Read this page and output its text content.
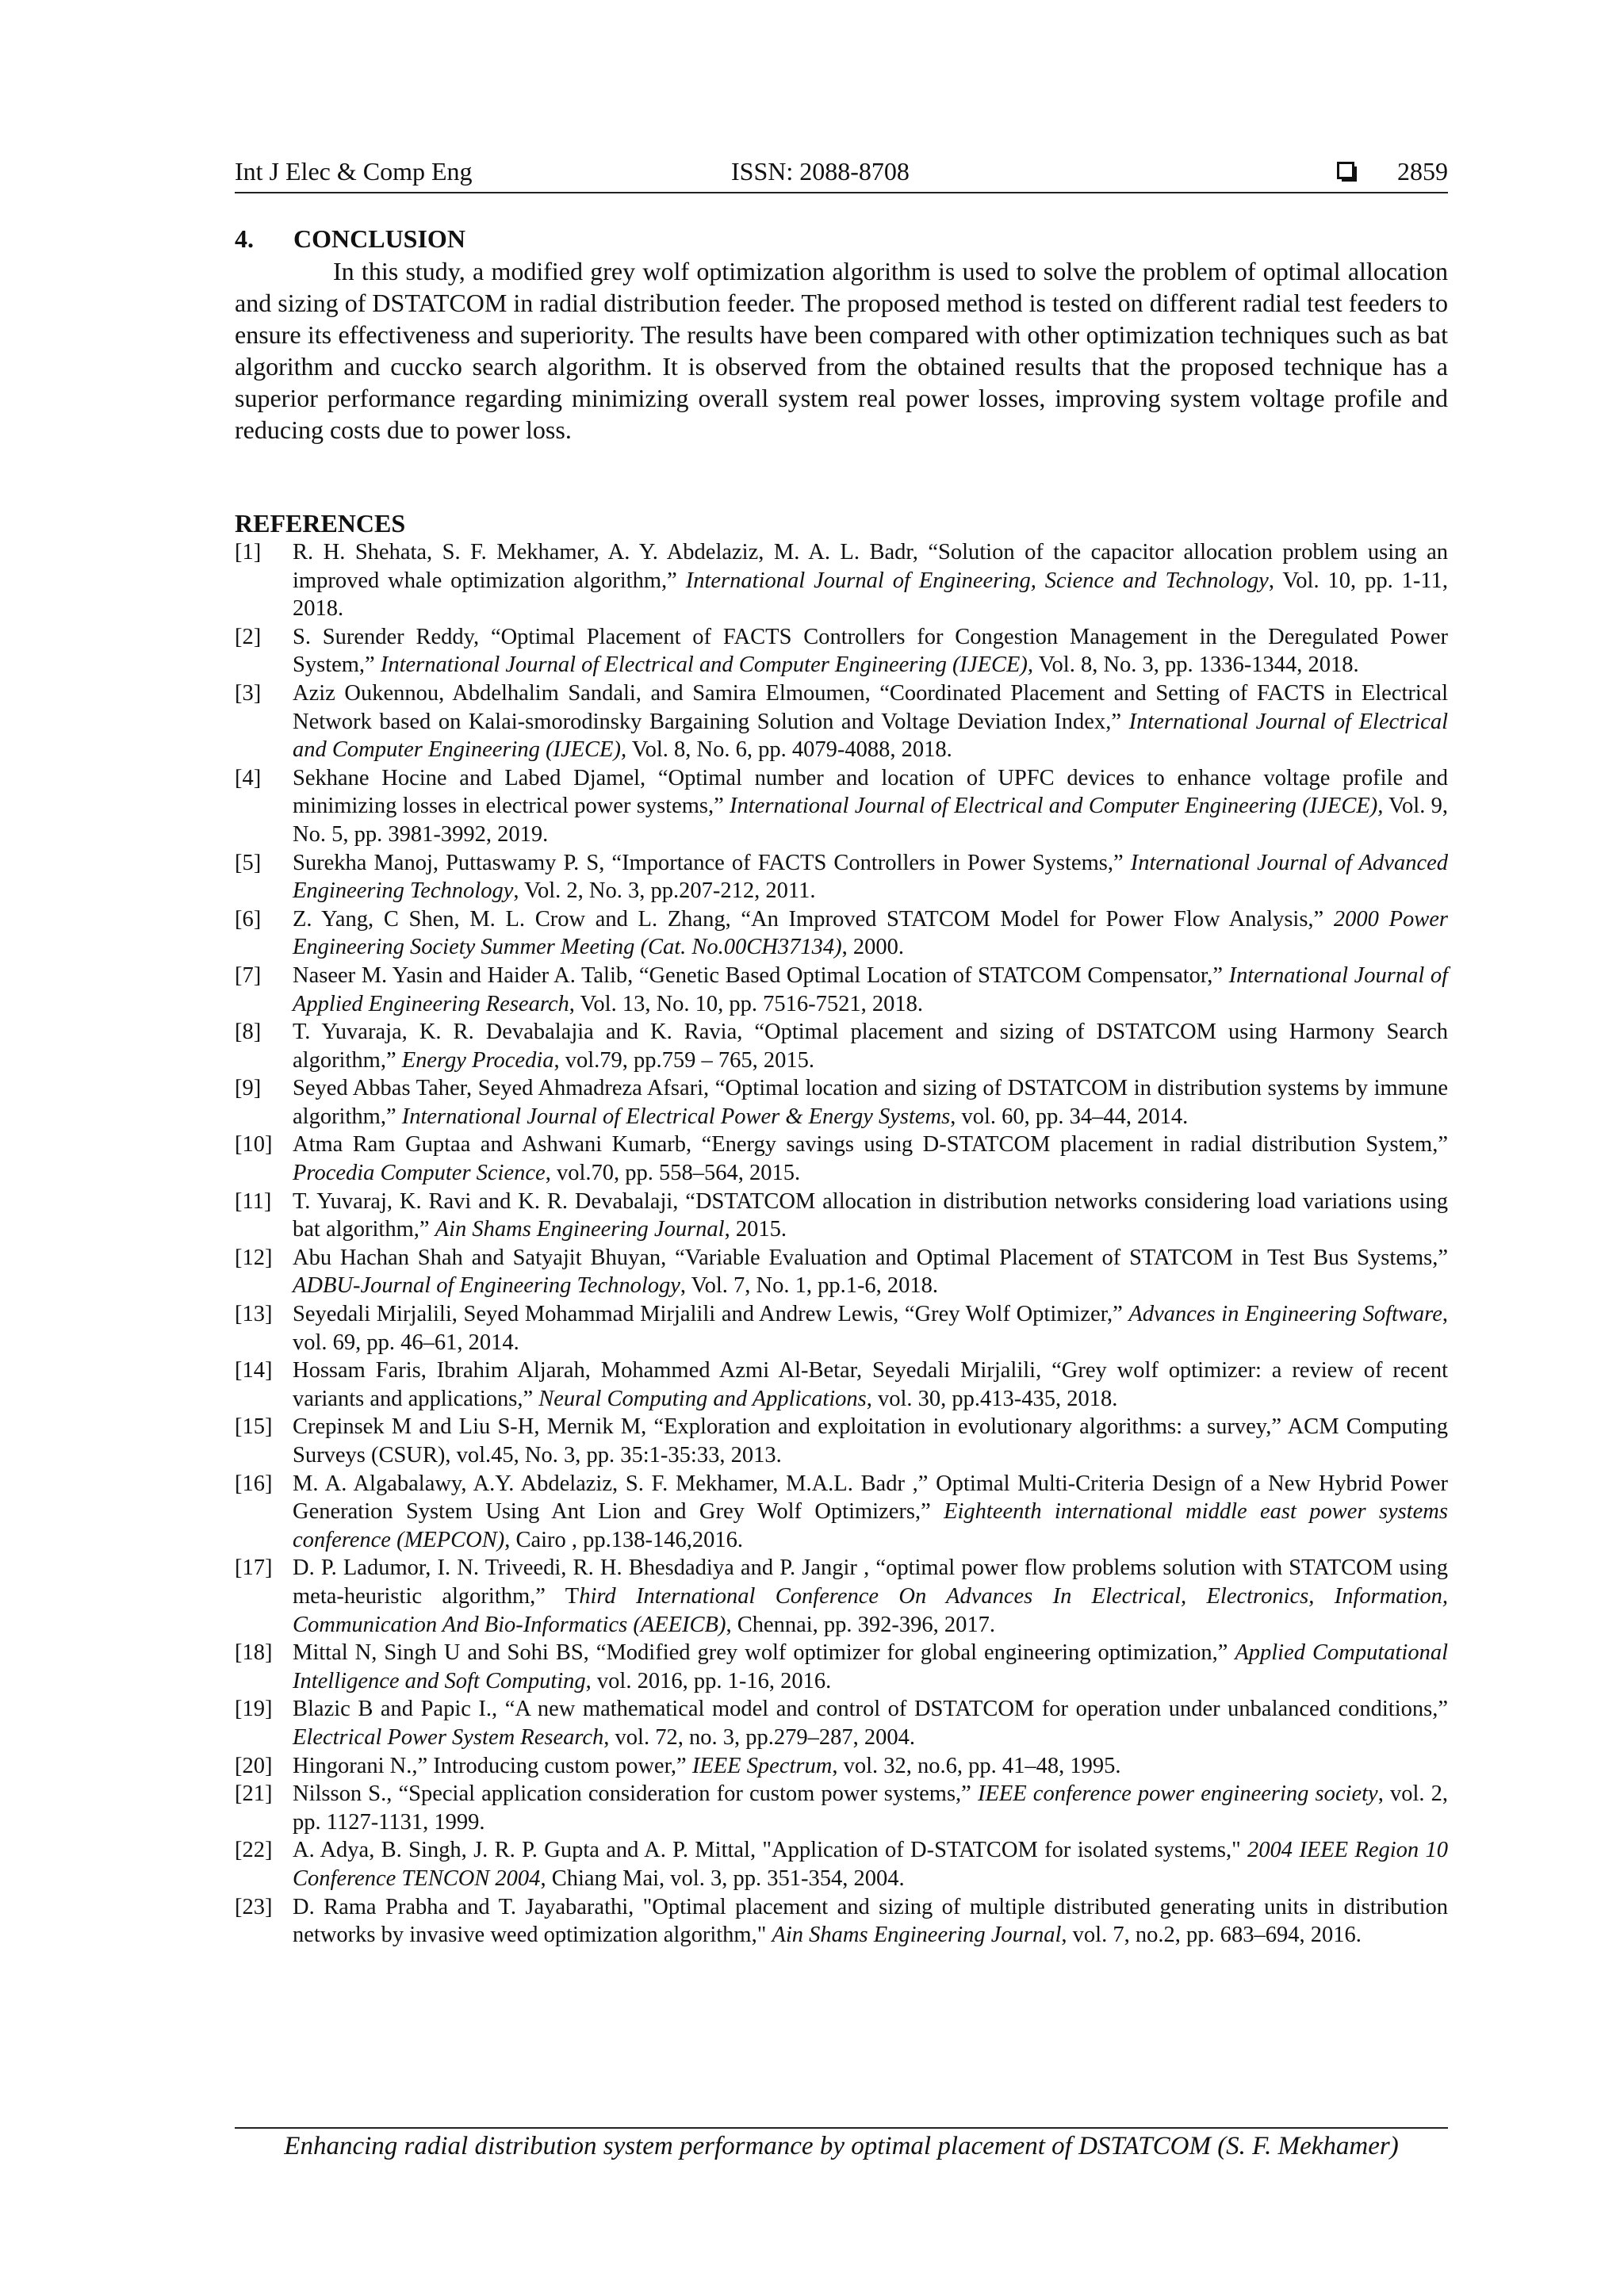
Int J Elec & Comp Eng	ISSN: 2088-8708	2859
4. CONCLUSION

In this study, a modified grey wolf optimization algorithm is used to solve the problem of optimal allocation and sizing of DSTATCOM in radial distribution feeder. The proposed method is tested on different radial test feeders to ensure its effectiveness and superiority. The results have been compared with other optimization techniques such as bat algorithm and cuccko search algorithm. It is observed from the obtained results that the proposed technique has a superior performance regarding minimizing overall system real power losses, improving system voltage profile and reducing costs due to power loss.

REFERENCES
[1] R. H. Shehata, S. F. Mekhamer, A. Y. Abdelaziz, M. A. L. Badr, “Solution of the capacitor allocation problem using an improved whale optimization algorithm,” International Journal of Engineering, Science and Technology, Vol. 10, pp. 1-11, 2018.
[2] S. Surender Reddy, “Optimal Placement of FACTS Controllers for Congestion Management in the Deregulated Power System,” International Journal of Electrical and Computer Engineering (IJECE), Vol. 8, No. 3, pp. 1336-1344, 2018.
[3] Aziz Oukennou, Abdelhalim Sandali, and Samira Elmoumen, “Coordinated Placement and Setting of FACTS in Electrical Network based on Kalai-smorodinsky Bargaining Solution and Voltage Deviation Index,” International Journal of Electrical and Computer Engineering (IJECE), Vol. 8, No. 6, pp. 4079-4088, 2018.
[4] Sekhane Hocine and Labed Djamel, “Optimal number and location of UPFC devices to enhance voltage profile and minimizing losses in electrical power systems,” International Journal of Electrical and Computer Engineering (IJECE), Vol. 9, No. 5, pp. 3981-3992, 2019.
[5] Surekha Manoj, Puttaswamy P. S, “Importance of FACTS Controllers in Power Systems,” International Journal of Advanced Engineering Technology, Vol. 2, No. 3, pp.207-212, 2011.
[6] Z. Yang, C Shen, M. L. Crow and L. Zhang, “An Improved STATCOM Model for Power Flow Analysis,” 2000 Power Engineering Society Summer Meeting (Cat. No.00CH37134), 2000.
[7] Naseer M. Yasin and Haider A. Talib, “Genetic Based Optimal Location of STATCOM Compensator,” International Journal of Applied Engineering Research, Vol. 13, No. 10, pp. 7516-7521, 2018.
[8] T. Yuvaraja, K. R. Devabalajia and K. Ravia, “Optimal placement and sizing of DSTATCOM using Harmony Search algorithm,” Energy Procedia, vol.79, pp.759 – 765, 2015.
[9] Seyed Abbas Taher, Seyed Ahmadreza Afsari, “Optimal location and sizing of DSTATCOM in distribution systems by immune algorithm,” International Journal of Electrical Power & Energy Systems, vol. 60, pp. 34–44, 2014.
[10] Atma Ram Guptaa and Ashwani Kumarb, “Energy savings using D-STATCOM placement in radial distribution System,” Procedia Computer Science, vol.70, pp. 558–564, 2015.
[11] T. Yuvaraj, K. Ravi and K. R. Devabalaji, “DSTATCOM allocation in distribution networks considering load variations using bat algorithm,” Ain Shams Engineering Journal, 2015.
[12] Abu Hachan Shah and Satyajit Bhuyan, “Variable Evaluation and Optimal Placement of STATCOM in Test Bus Systems,” ADBU-Journal of Engineering Technology, Vol. 7, No. 1, pp.1-6, 2018.
[13] Seyedali Mirjalili, Seyed Mohammad Mirjalili and Andrew Lewis, “Grey Wolf Optimizer,” Advances in Engineering Software, vol. 69, pp. 46–61, 2014.
[14] Hossam Faris, Ibrahim Aljarah, Mohammed Azmi Al-Betar, Seyedali Mirjalili, “Grey wolf optimizer: a review of recent variants and applications,” Neural Computing and Applications, vol. 30, pp.413-435, 2018.
[15] Crepinsek M and Liu S-H, Mernik M, “Exploration and exploitation in evolutionary algorithms: a survey,” ACM Computing Surveys (CSUR), vol.45, No. 3, pp. 35:1-35:33, 2013.
[16] M. A. Algabalawy, A.Y. Abdelaziz, S. F. Mekhamer, M.A.L. Badr ,” Optimal Multi-Criteria Design of a New Hybrid Power Generation System Using Ant Lion and Grey Wolf Optimizers,” Eighteenth international middle east power systems conference (MEPCON), Cairo , pp.138-146,2016.
[17] D. P. Ladumor, I. N. Triveedi, R. H. Bhesdadiya and P. Jangir , “optimal power flow problems solution with STATCOM using meta-heuristic algorithm,” Third International Conference On Advances In Electrical, Electronics, Information, Communication And Bio-Informatics (AEEICB), Chennai, pp. 392-396, 2017.
[18] Mittal N, Singh U and Sohi BS, “Modified grey wolf optimizer for global engineering optimization,” Applied Computational Intelligence and Soft Computing, vol. 2016, pp. 1-16, 2016.
[19] Blazic B and Papic I., “A new mathematical model and control of DSTATCOM for operation under unbalanced conditions,” Electrical Power System Research, vol. 72, no. 3, pp.279–287, 2004.
[20] Hingorani N.,” Introducing custom power,” IEEE Spectrum, vol. 32, no.6, pp. 41–48, 1995.
[21] Nilsson S., “Special application consideration for custom power systems,” IEEE conference power engineering society, vol. 2, pp. 1127-1131, 1999.
[22] A. Adya, B. Singh, J. R. P. Gupta and A. P. Mittal, "Application of D-STATCOM for isolated systems," 2004 IEEE Region 10 Conference TENCON 2004, Chiang Mai, vol. 3, pp. 351-354, 2004.
[23] D. Rama Prabha and T. Jayabarathi, "Optimal placement and sizing of multiple distributed generating units in distribution networks by invasive weed optimization algorithm," Ain Shams Engineering Journal, vol. 7, no.2, pp. 683–694, 2016.
Enhancing radial distribution system performance by optimal placement of DSTATCOM (S. F. Mekhamer)
